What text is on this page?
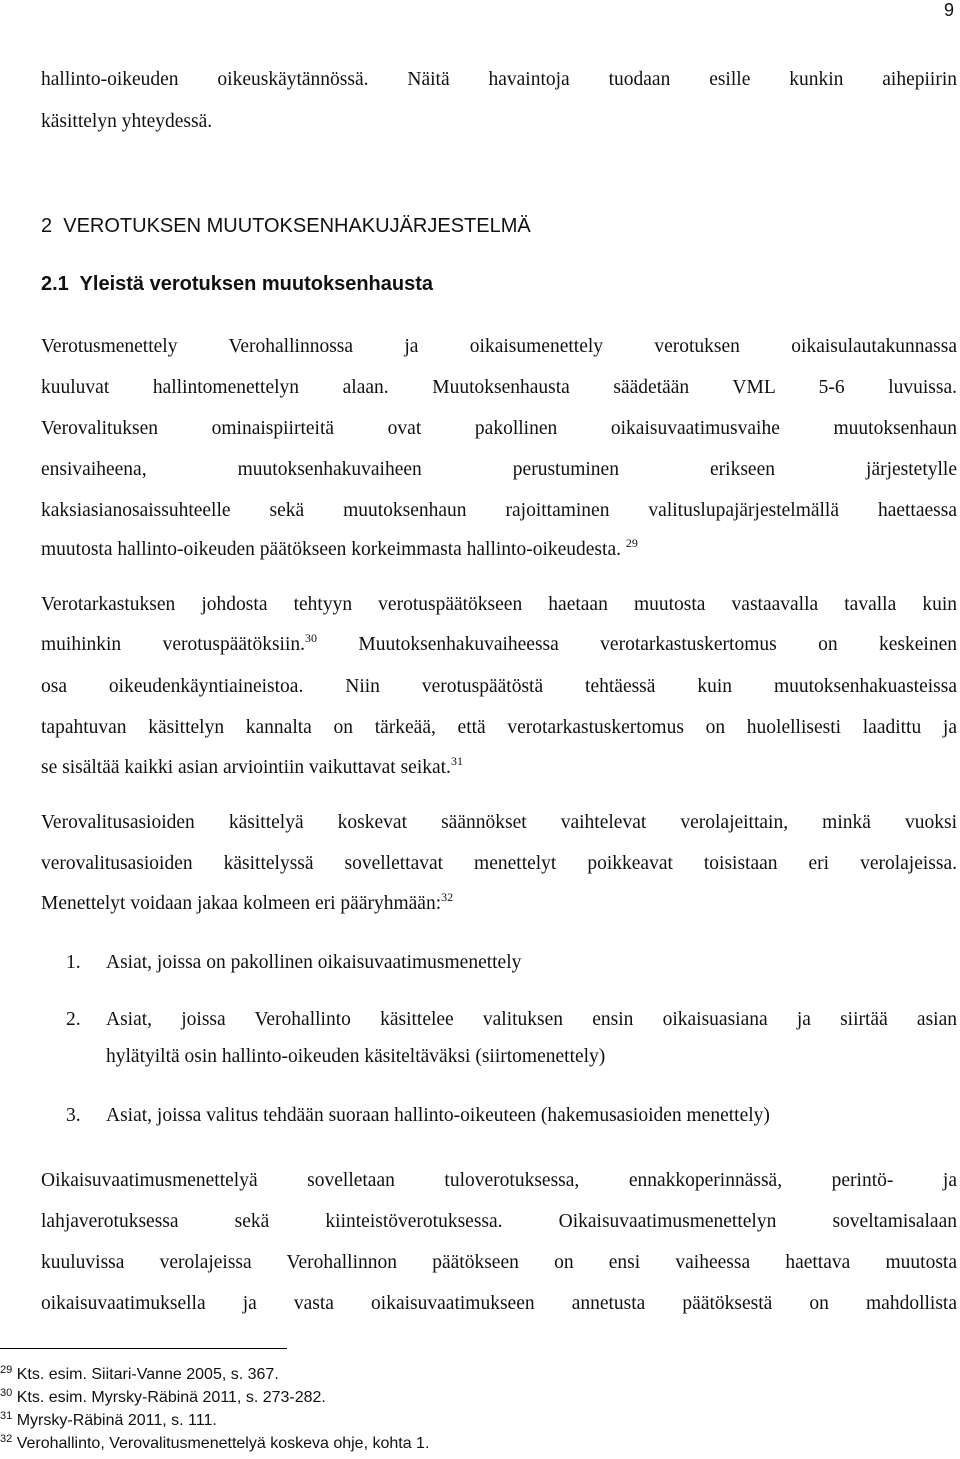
9
hallinto-oikeuden oikeuskäytännössä. Näitä havaintoja tuodaan esille kunkin aihepiirin
käsittelyn yhteydessä.
2  VEROTUKSEN MUUTOKSENHAKUJÄRJESTELMÄ
2.1  Yleistä verotuksen muutoksenhausta
Verotusmenettely Verohallinnossa ja oikaisumenettely verotuksen oikaisulautakunnassa
kuuluvat hallintomenettelyn alaan. Muutoksenhausta säädetään VML 5-6 luvuissa.
Verovalituksen ominaispiirteitä ovat pakollinen oikaisuvaatimusvaihe muutoksenhaun
ensivaiheena, muutoksenhakuvaiheen perustuminen erikseen järjestetylle
kaksiasianosaissuhteelle sekä muutoksenhaun rajoittaminen valituslupajärjestelmällä haettaessa
muutosta hallinto-oikeuden päätökseen korkeimmasta hallinto-oikeudesta. $^{29}$
Verotarkastuksen johdosta tehtyyn verotuspäätökseen haetaan muutosta vastaavalla tavalla kuin
muihinkin verotuspäätöksiin.$^{30}$ Muutoksenhakuvaiheessa verotarkastuskertomus on keskeinen
osa oikeudenkäyntiaineistoa. Niin verotuspäätöstä tehtäessä kuin muutoksenhakuasteissa
tapahtuvan käsittelyn kannalta on tärkeää, että verotarkastuskertomus on huolellisesti laadittu ja
se sisältää kaikki asian arviointiin vaikuttavat seikat.$^{31}$
Verovalitusasioiden käsittelyä koskevat säännökset vaihtelevat verolajeittain, minkä vuoksi
verovalitusasioiden käsittelyssä sovellettavat menettelyt poikkeavat toisistaan eri verolajeissa.
Menettelyt voidaan jakaa kolmeen eri pääryhmään:$^{32}$
1. Asiat, joissa on pakollinen oikaisuvaatimusmenettely
2. Asiat, joissa Verohallinto käsittelee valituksen ensin oikaisuasiana ja siirtää asian
hylätyiltä osin hallinto-oikeuden käsiteltäväksi (siirtomenettely)
3. Asiat, joissa valitus tehdään suoraan hallinto-oikeuteen (hakemusasioiden menettely)
Oikaisuvaatimusmenettelyä sovelletaan tuloverotuksessa, ennakkoperinnässä, perintö- ja
lahjaverotuksessa sekä kiinteistöverotuksessa. Oikaisuvaatimusmenettelyn soveltamisalaan
kuuluvissa verolajeissa Verohallinnon päätökseen on ensi vaiheessa haettava muutosta
oikaisuvaatimuksella ja vasta oikaisuvaatimukseen annetusta päätöksestä on mahdollista
$^{29}$ Kts. esim. Siitari-Vanne 2005, s. 367.
$^{30}$ Kts. esim. Myrsky-Räbinä 2011, s. 273-282.
$^{31}$ Myrsky-Räbinä 2011, s. 111.
$^{32}$ Verohallinto, Verovalitusmenettelyä koskeva ohje, kohta 1.
